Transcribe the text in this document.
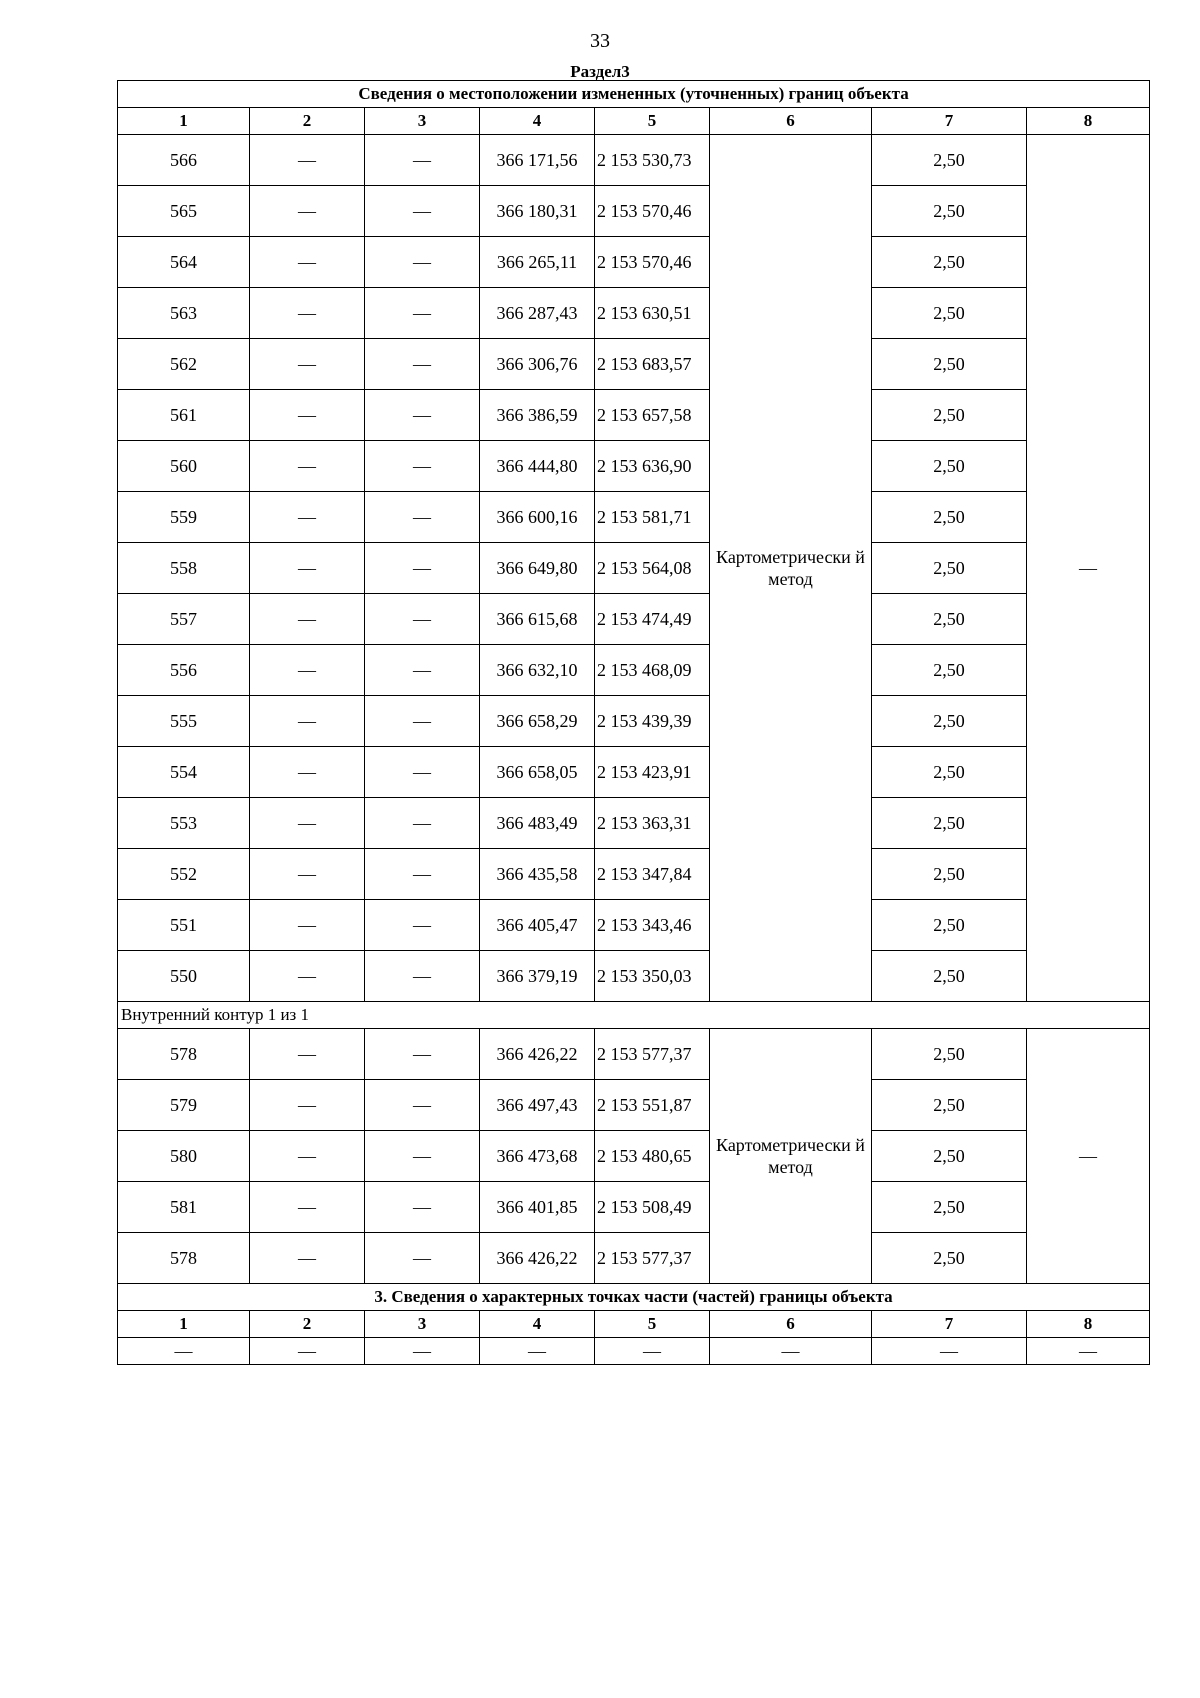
33
Раздел3
Сведения о местоположении измененных (уточненных) границ объекта							
1	2	3	4	5	6	7	8
566	—	—	366 171,56	2 153 530,73	Картометрически й метод	2,50	—
565	—	—	366 180,31	2 153 570,46		2,50	
564	—	—	366 265,11	2 153 570,46		2,50	
563	—	—	366 287,43	2 153 630,51		2,50	
562	—	—	366 306,76	2 153 683,57		2,50	
561	—	—	366 386,59	2 153 657,58		2,50	
560	—	—	366 444,80	2 153 636,90		2,50	
559	—	—	366 600,16	2 153 581,71		2,50	
558	—	—	366 649,80	2 153 564,08		2,50	
557	—	—	366 615,68	2 153 474,49		2,50	
556	—	—	366 632,10	2 153 468,09		2,50	
555	—	—	366 658,29	2 153 439,39		2,50	
554	—	—	366 658,05	2 153 423,91		2,50	
553	—	—	366 483,49	2 153 363,31		2,50	
552	—	—	366 435,58	2 153 347,84		2,50	
551	—	—	366 405,47	2 153 343,46		2,50	
550	—	—	366 379,19	2 153 350,03		2,50	
Внутренний контур 1 из 1							
578	—	—	366 426,22	2 153 577,37	Картометрически й метод	2,50	—
579	—	—	366 497,43	2 153 551,87		2,50	
580	—	—	366 473,68	2 153 480,65		2,50	
581	—	—	366 401,85	2 153 508,49		2,50	
578	—	—	366 426,22	2 153 577,37		2,50	
3. Сведения о характерных точках части (частей) границы объекта							
1	2	3	4	5	6	7	8
—	—	—	—	—	—	—	—
